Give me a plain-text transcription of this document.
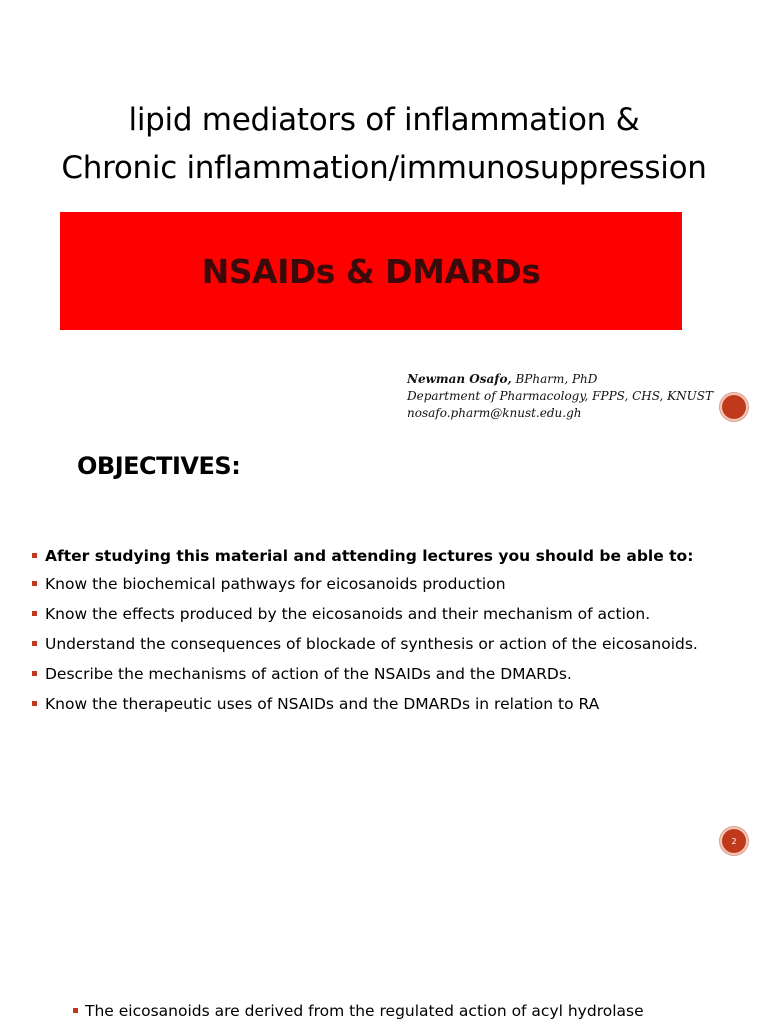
lipid mediators of inflammation &
Chronic inflammation/immunosuppression
NSAIDs & DMARDs
Newman Osafo, BPharm, PhD
Department of Pharmacology, FPPS, CHS, KNUST
nosafo.pharm@knust.edu.gh
OBJECTIVES:
After studying this material and attending lectures you should be able to:
Know the biochemical pathways for eicosanoids production
Know the effects produced by the eicosanoids and their mechanism of action.
Understand the consequences of blockade of synthesis or action of the eicosanoids.
Describe the mechanisms of action of the NSAIDs and the DMARDs.
Know the therapeutic uses of NSAIDs and the DMARDs in relation to RA
2
The eicosanoids are derived from the regulated action of acyl hydrolase
